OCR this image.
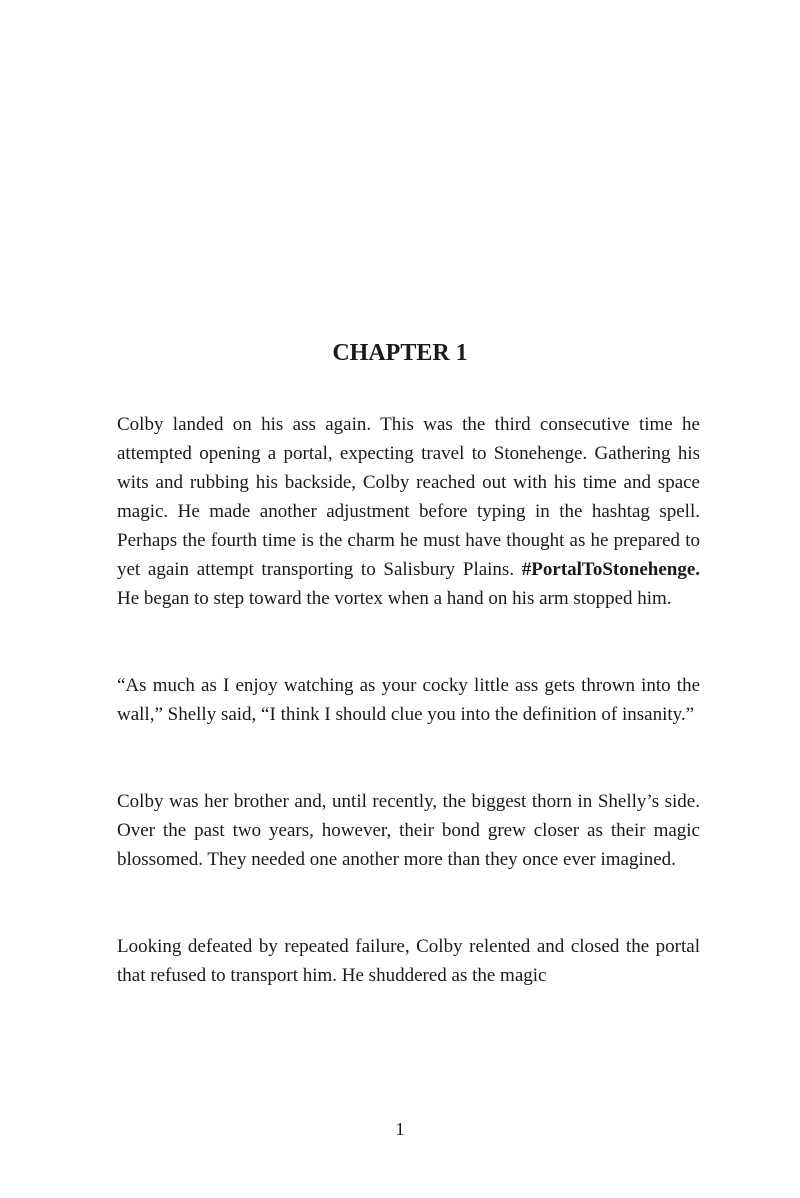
CHAPTER 1

Colby landed on his ass again. This was the third consecutive time he attempted opening a portal, expecting travel to Stonehenge. Gathering his wits and rubbing his backside, Colby reached out with his time and space magic. He made another adjustment before typing in the hashtag spell. Perhaps the fourth time is the charm he must have thought as he prepared to yet again attempt transporting to Salisbury Plains. #PortalToStonehenge. He began to step toward the vortex when a hand on his arm stopped him.

“As much as I enjoy watching as your cocky little ass gets thrown into the wall,” Shelly said, “I think I should clue you into the definition of insanity.”

Colby was her brother and, until recently, the biggest thorn in Shelly’s side. Over the past two years, however, their bond grew closer as their magic blossomed. They needed one another more than they once ever imagined.

Looking defeated by repeated failure, Colby relented and closed the portal that refused to transport him. He shuddered as the magic

1
